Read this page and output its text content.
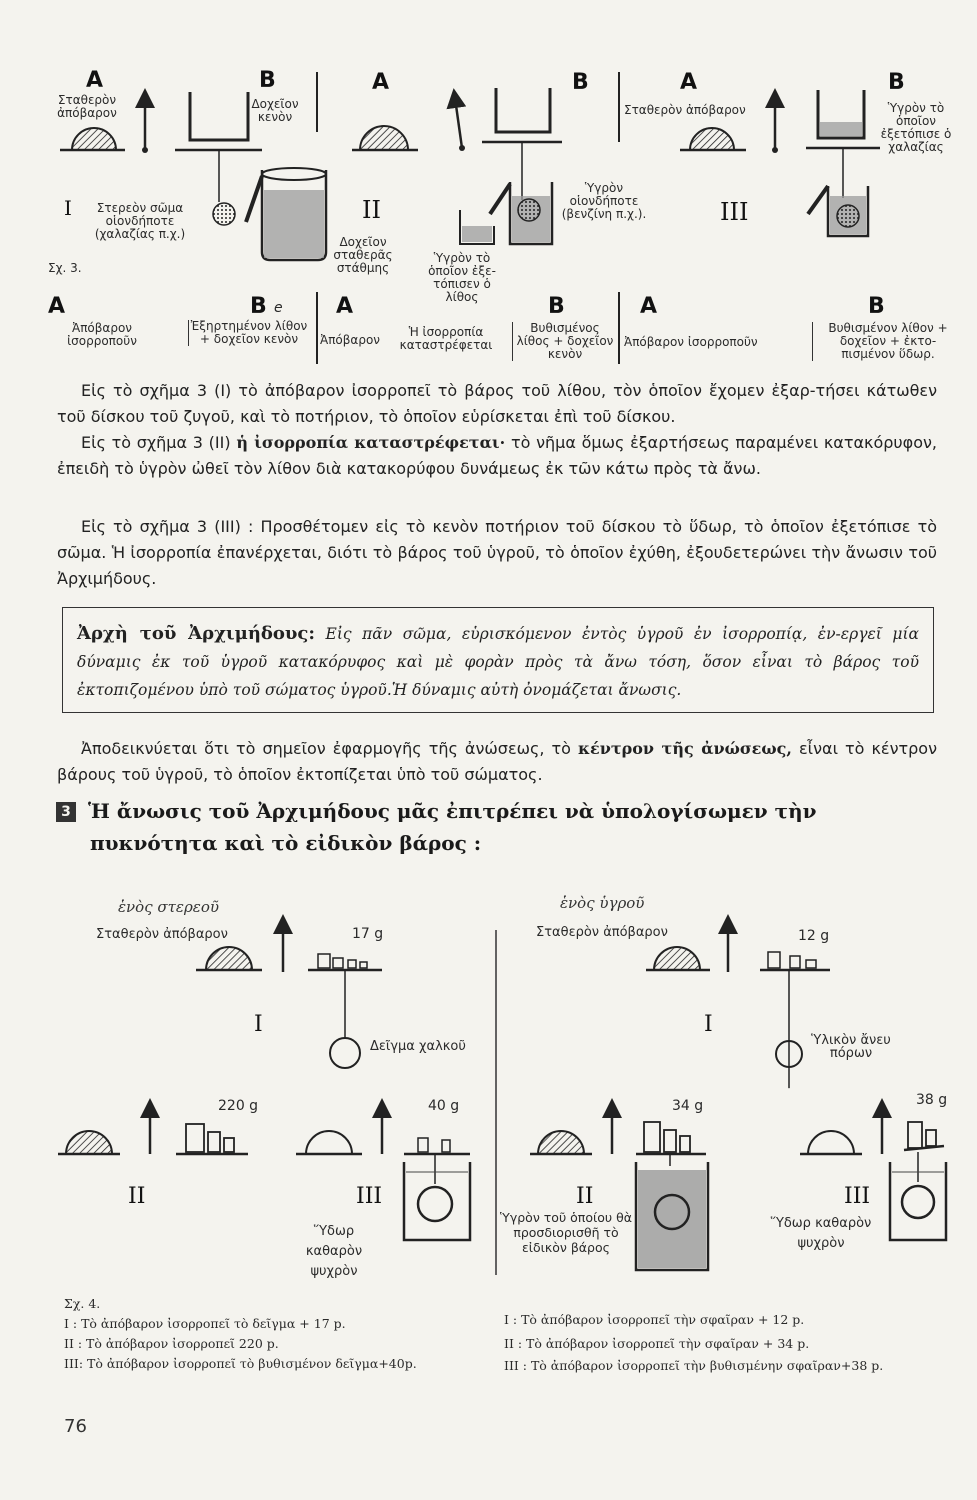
Α	Β
Σταθερὸν ἀπόβαρον
Δοχεῖον κενὸν
I	Στερεὸν σῶμα οἱονδήποτε (χαλαζίας π.χ.)
Σχ. 3.
Δοχεῖον σταθερᾶς στάθμης
Α	Β
II
Ὑγρὸν οἱονδήποτε (βενζίνη π.χ.).
Ὑγρὸν τὸ ὁποῖον ἐξε-τόπισεν ὁ λίθος
Α	Β
Σταθερὸν ἀπόβαρον	Ὑγρὸν τὸ ὁποῖον ἐξετόπισε ὁ χαλαζίας
III
Α
Ἀπόβαρον ἰσορροποῦν
Β e
Ἐξηρτημένον λίθον + δοχεῖον κενὸν
Α
Ἀπόβαρον
Ἡ ἰσορροπία καταστρέφεται
Β
Βυθισμένος λίθος + δοχεῖον κενὸν
Α
Ἀπόβαρον ἰσορροποῦν
Β
Βυθισμένον λίθον + δοχεῖον + ἐκτο-πισμένον ὕδωρ.
Εἰς τὸ σχῆμα 3 (I) τὸ ἀπόβαρον ἰσορροπεῖ τὸ βάρος τοῦ λίθου, τὸν ὁποῖον ἔχομεν ἐξαρ-τήσει κάτωθεν τοῦ δίσκου τοῦ ζυγοῦ, καὶ τὸ ποτήριον, τὸ ὁποῖον εὑρίσκεται ἐπὶ τοῦ δίσκου.
Εἰς τὸ σχῆμα 3 (II) ἡ ἰσορροπία καταστρέφεται· τὸ νῆμα ὅμως ἐξαρτήσεως παραμένει κατακόρυφον, ἐπειδὴ τὸ ὑγρὸν ὠθεῖ τὸν λίθον διὰ κατακορύφου δυνάμεως ἐκ τῶν κάτω πρὸς τὰ ἄνω.
Εἰς τὸ σχῆμα 3 (III) : Προσθέτομεν εἰς τὸ κενὸν ποτήριον τοῦ δίσκου τὸ ὕδωρ, τὸ ὁποῖον ἐξετόπισε τὸ σῶμα. Ἡ ἰσορροπία ἐπανέρχεται, διότι τὸ βάρος τοῦ ὑγροῦ, τὸ ὁποῖον ἐχύθη, ἐξουδετερώνει τὴν ἄνωσιν τοῦ Ἀρχιμήδους.

Ἀρχὴ τοῦ Ἀρχιμήδους: Εἰς πᾶν σῶμα, εὑρισκόμενον ἐντὸς ὑγροῦ ἐν ἰσορροπίᾳ, ἐν-εργεῖ μία δύναμις ἐκ τοῦ ὑγροῦ κατακόρυφος καὶ μὲ φορὰν πρὸς τὰ ἄνω τόση, ὅσον εἶναι τὸ βάρος τοῦ ἐκτοπιζομένου ὑπὸ τοῦ σώματος ὑγροῦ.Ἡ δύναμις αὐτὴ ὀνομάζεται ἄνωσις.

Ἀποδεικνύεται ὅτι τὸ σημεῖον ἐφαρμογῆς τῆς ἀνώσεως, τὸ κέντρον τῆς ἀνώσεως, εἶναι τὸ κέντρον βάρους τοῦ ὑγροῦ, τὸ ὁποῖον ἐκτοπίζεται ὑπὸ τοῦ σώματος.
3 Ἡ ἄνωσις τοῦ Ἀρχιμήδους μᾶς ἐπιτρέπει νὰ ὑπολογίσωμεν τὴν πυκνότητα καὶ τὸ εἰδικὸν βάρος :
ἑνὸς στερεοῦ	ἑνὸς ὑγροῦ
Σταθερὸν ἀπόβαρον	17 g
I
Δεῖγμα χαλκοῦ
220 g	40 g
II	III
Ὕδωρ καθαρὸν ψυχρὸν
Σταθερὸν ἀπόβαρον	12 g
I
Ὑλικὸν ἄνευ πόρων
34 g	38 g
II	III
Ὑγρὸν τοῦ ὁποίου θὰ προσδιορισθῆ τὸ εἰδικὸν βάρος
Ὕδωρ καθαρὸν ψυχρὸν
Σχ. 4.
I : Τὸ ἀπόβαρον ἰσορροπεῖ τὸ δεῖγμα + 17 p.
II : Τὸ ἀπόβαρον ἰσορροπεῖ 220 p.
III: Τὸ ἀπόβαρον ἰσορροπεῖ τὸ βυθισμένον δεῖγμα+40p.
I : Τὸ ἀπόβαρον ἰσορροπεῖ τὴν σφαῖραν + 12 p.
II : Τὸ ἀπόβαρον ἰσορροπεῖ τὴν σφαῖραν + 34 p.
III : Τὸ ἀπόβαρον ἰσορροπεῖ τὴν βυθισμένην σφαῖραν+38 p.
76
